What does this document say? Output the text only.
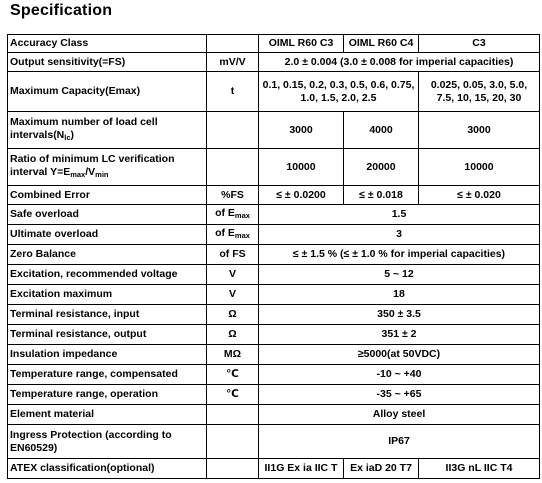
Specification
Accuracy Class		OIML R60 C3	OIML R60 C4	C3
Output sensitivity(=FS)	mV/V	2.0 ± 0.004 (3.0 ± 0.008 for imperial capacities)		
Maximum Capacity(Emax)	t	0.1, 0.15, 0.2, 0.3, 0.5, 0.6, 0.75, 1.0, 1.5, 2.0, 2.5		0.025, 0.05, 3.0, 5.0, 7.5, 10, 15, 20, 30
Maximum number of load cell $intervals(N_{lc})$		3000	4000	3000
Ratio of minimum LC verification interval $Y=E_{max}/V_{min}$		10000	20000	10000
Combined Error	%FS	≤ ± 0.0200	≤ ± 0.018	≤ ± 0.020
Safe overload	of $E_{max}$	1.5		
Ultimate overload	of $E_{max}$	3		
Zero Balance	of FS	≤ ± 1.5 % (≤ ± 1.0 % for imperial capacities)		
Excitation, recommended voltage	V	5 ~ 12		
Excitation maximum	V	18		
Terminal resistance, input	Ω	350 ± 3.5		
Terminal resistance, output	Ω	351 ± 2		
Insulation impedance	MΩ	≥5000(at 50VDC)		
Temperature range, compensated	℃	-10 ~ +40		
Temperature range, operation	℃	-35 ~ +65		
Element material		Alloy steel		
Ingress Protection (according to EN60529)		IP67		
ATEX classification(optional)		II1G Ex ia IIC T	Ex iaD 20 T7	II3G nL IIC T4
